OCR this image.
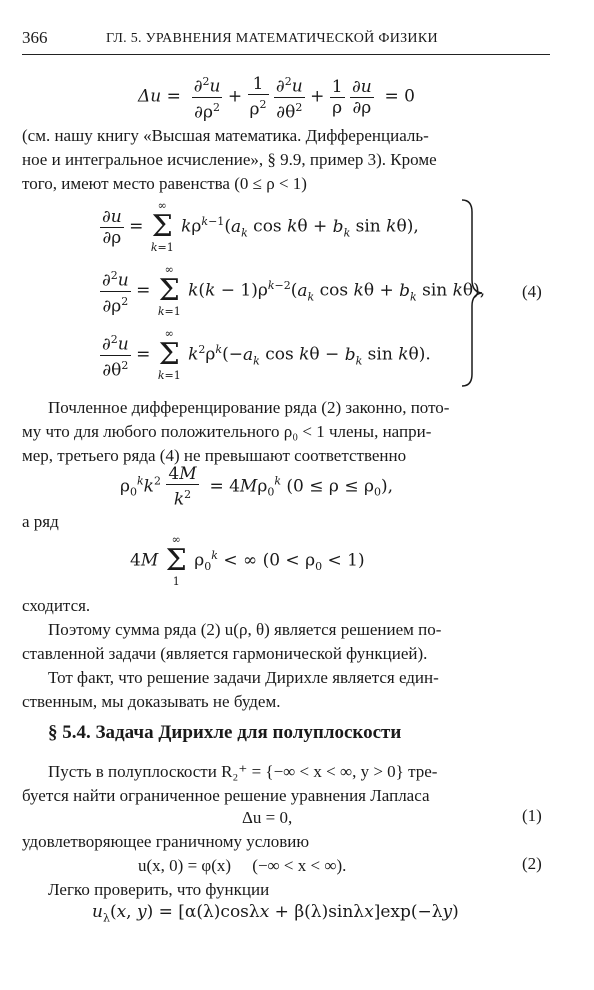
366	ГЛ. 5. УРАВНЕНИЯ МАТЕМАТИЧЕСКОЙ ФИЗИКИ
$\Delta u = \frac{\partial^2u}{\partial\rho^2} + \frac{1}{\rho^2}$
$\frac{\partial^2u}{\partial\theta^2} + \frac{1}{\rho}$
$\frac{\partial u}{\partial\rho} = 0$
(см. нашу книгу «Высшая математика. Дифференциаль-
ное и интегральное исчисление», § 9.9, пример 3). Кроме
того, имеют место равенства (0 ≤ ρ < 1)
$\frac{\partial u}{\partial\rho}$ =
∞
Σ
k=1
$k\rho^{k-1}(a_k$ $\cos k\theta + b_k$ sin kθ),
$\frac{\partial^2u}{\partial\rho^2}$ =
∞
Σ
k=1
$k(k - 1)\rho^{k-2}(a_k$ $\cos k\theta + b_k$ sin kθ),
$\frac{\partial^2u}{\partial\theta^2}$ =
∞
Σ
k=1
$k^2\rho^k(-a_k$ $\cos k\theta - b_k$ sin kθ).
(4)
Почленное дифференцирование ряда (2) законно, пото-
му что для любого положительного ρ₀ < 1 члены, напри-
мер, третьего ряда (4) не превышают соответственно
$\rho_0^kk^2 \frac{4M}{k^2} = 4M\rho_0^k$ $(0 \le \rho \le \rho_0)$,
а ряд
4M
∞
Σ
1
$\rho_0^k$ < ∞ $(0 < \rho_0 < 1)$
сходится.
Поэтому сумма ряда (2) u(ρ, θ) является решением по-
ставленной задачи (является гармонической функцией).
Тот факт, что решение задачи Дирихле является един-
ственным, мы доказывать не будем.
§ 5.4. Задача Дирихле для полуплоскости
Пусть в полуплоскости R₂⁺ = {−∞ < x < ∞, y > 0} тре-
буется найти ограниченное решение уравнения Лапласа
Δu = 0,	(1)
удовлетворяющее граничному условию
u(x, 0) = φ(x)     (−∞ < x < ∞).	(2)
Легко проверить, что функции
$u_\lambda(x$, y) = [α(λ)cosλx + β(λ)sinλx]exp(−λy)
